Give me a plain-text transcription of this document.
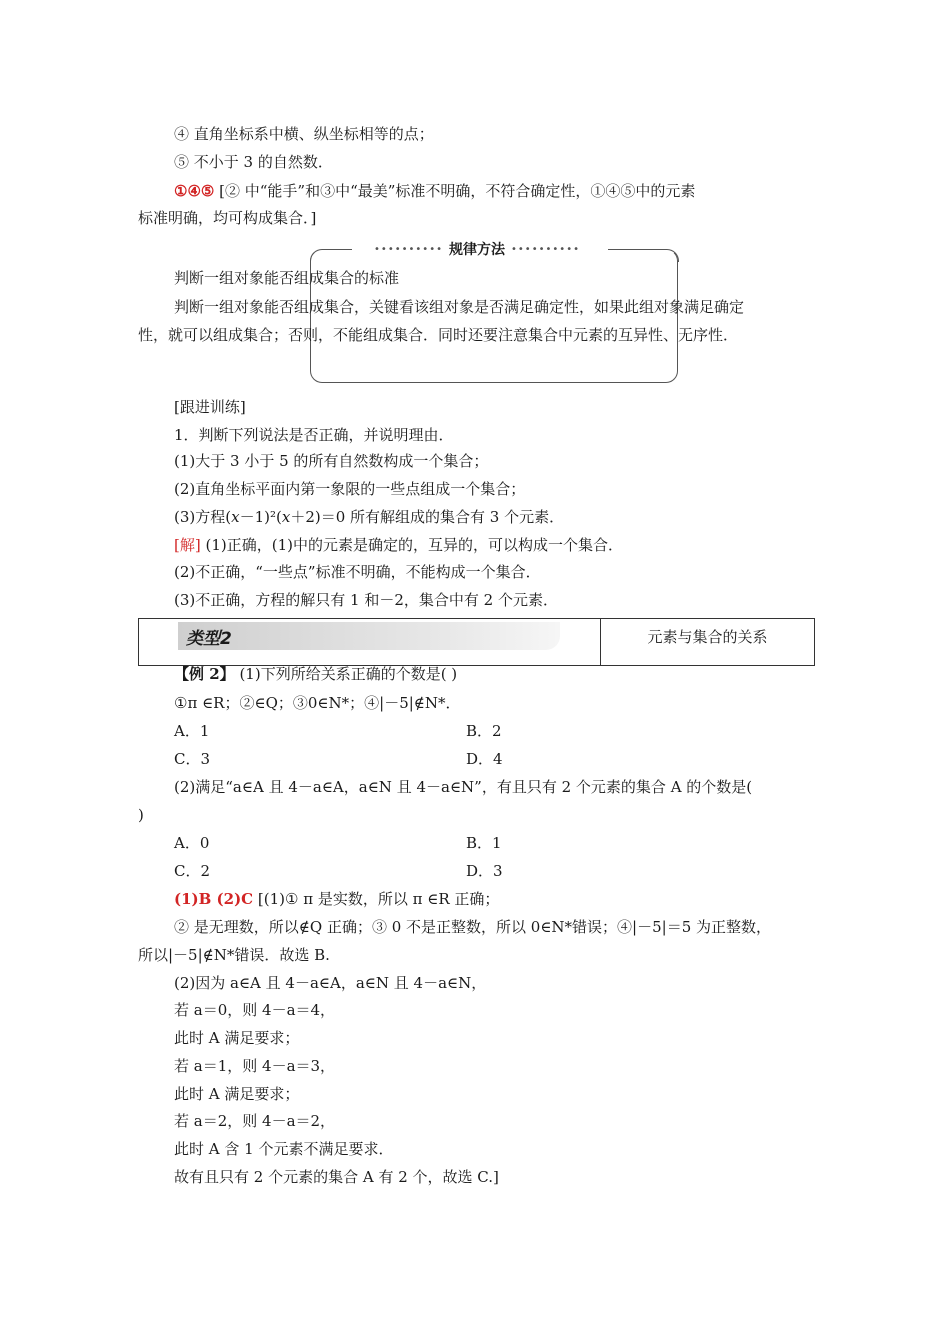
④ 直角坐标系中横、纵坐标相等的点；
⑤ 不小于 3 的自然数．
①④⑤ [② 中“能手”和③中“最美”标准不明确，不符合确定性，①④⑤中的元素
标准明确，均可构成集合．]
•••••••••• 规律方法 ••••••••••
判断一组对象能否组成集合的标准
判断一组对象能否组成集合，关键看该组对象是否满足确定性，如果此组对象满足确定
性，就可以组成集合；否则，不能组成集合．同时还要注意集合中元素的互异性、无序性．
[跟进训练]
1．判断下列说法是否正确，并说明理由．
(1)大于 3 小于 5 的所有自然数构成一个集合；
(2)直角坐标平面内第一象限的一些点组成一个集合；
(3)方程(x－1)²(x＋2)＝0 所有解组成的集合有 3 个元素．
[解] (1)正确，(1)中的元素是确定的，互异的，可以构成一个集合．
(2)不正确，“一些点”标准不明确，不能构成一个集合．
(3)不正确，方程的解只有 1 和－2，集合中有 2 个元素．
类型2	元素与集合的关系
【例 2】 (1)下列所给关系正确的个数是( )
①π ∈R；②∈Q；③0∈N*；④|－5|∉N*．
A．1	B．2
C．3	D．4
(2)满足“a∈A 且 4－a∈A，a∈N 且 4－a∈N”，有且只有 2 个元素的集合 A 的个数是(
)
A．0	B．1
C．2	D．3
(1)B (2)C [(1)① π 是实数，所以 π ∈R 正确；
② 是无理数，所以∉Q 正确；③ 0 不是正整数，所以 0∈N*错误；④|－5|＝5 为正整数，
所以|－5|∉N*错误．故选 B.
(2)因为 a∈A 且 4－a∈A，a∈N 且 4－a∈N，
若 a＝0，则 4－a＝4，
此时 A 满足要求；
若 a＝1，则 4－a＝3，
此时 A 满足要求；
若 a＝2，则 4－a＝2，
此时 A 含 1 个元素不满足要求．
故有且只有 2 个元素的集合 A 有 2 个，故选 C.]
